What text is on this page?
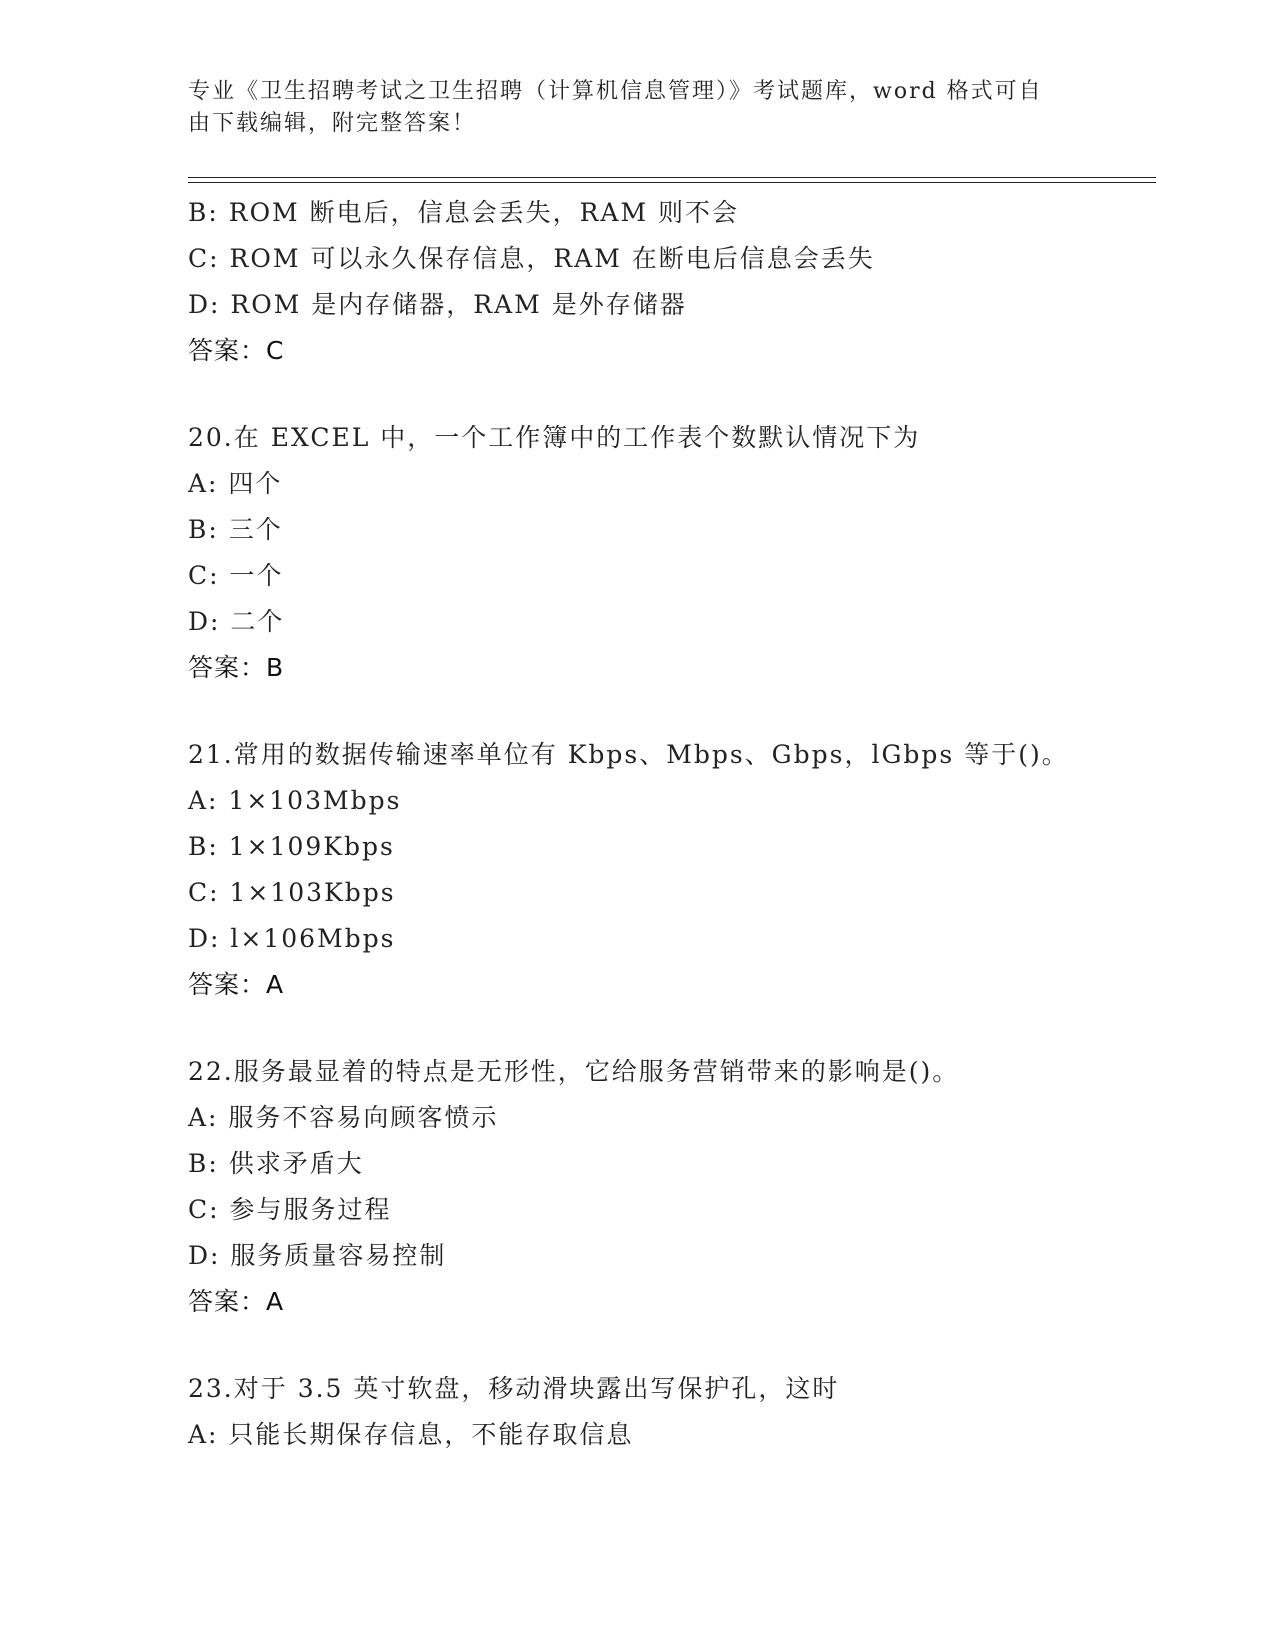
专业《卫生招聘考试之卫生招聘（计算机信息管理）》考试题库，word 格式可自
由下载编辑，附完整答案！
B: ROM 断电后，信息会丢失，RAM 则不会
C: ROM 可以永久保存信息，RAM 在断电后信息会丢失
D: ROM 是内存储器，RAM 是外存储器
答案：C
20.在 EXCEL 中，一个工作簿中的工作表个数默认情况下为
A: 四个
B: 三个
C: 一个
D: 二个
答案：B
21.常用的数据传输速率单位有 Kbps、Mbps、Gbps，lGbps 等于()。
A: 1×103Mbps
B: 1×109Kbps
C: 1×103Kbps
D: l×106Mbps
答案：A
22.服务最显着的特点是无形性，它给服务营销带来的影响是()。
A: 服务不容易向顾客愤示
B: 供求矛盾大
C: 参与服务过程
D: 服务质量容易控制
答案：A
23.对于 3.5 英寸软盘，移动滑块露出写保护孔，这时
A: 只能长期保存信息，不能存取信息
